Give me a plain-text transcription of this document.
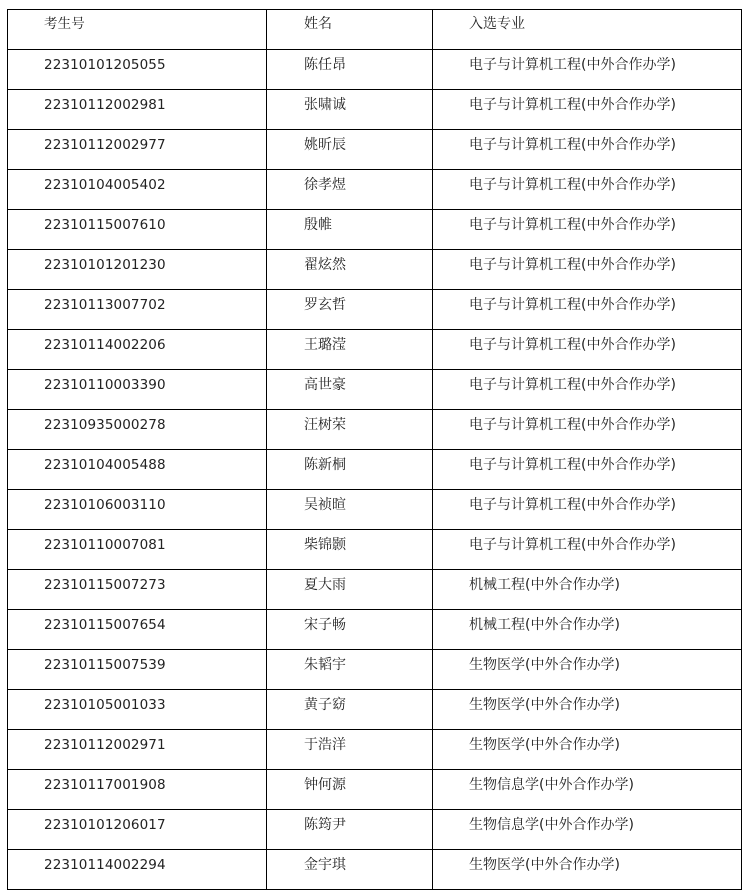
考生号	姓名	入选专业

22310101205055	陈任昂	电子与计算机工程(中外合作办学)

22310112002981	张啸诚	电子与计算机工程(中外合作办学)

22310112002977	姚昕辰	电子与计算机工程(中外合作办学)

22310104005402	徐孝煜	电子与计算机工程(中外合作办学)

22310115007610	殷帷	电子与计算机工程(中外合作办学)

22310101201230	翟炫然	电子与计算机工程(中外合作办学)

22310113007702	罗玄哲	电子与计算机工程(中外合作办学)

22310114002206	王璐滢	电子与计算机工程(中外合作办学)

22310110003390	高世豪	电子与计算机工程(中外合作办学)

22310935000278	汪树荣	电子与计算机工程(中外合作办学)

22310104005488	陈新桐	电子与计算机工程(中外合作办学)

22310106003110	吴祯暄	电子与计算机工程(中外合作办学)

22310110007081	柴锦颢	电子与计算机工程(中外合作办学)

22310115007273	夏大雨	机械工程(中外合作办学)

22310115007654	宋子畅	机械工程(中外合作办学)

22310115007539	朱韬宇	生物医学(中外合作办学)

22310105001033	黄子窈	生物医学(中外合作办学)

22310112002971	于浩洋	生物医学(中外合作办学)

22310117001908	钟何源	生物信息学(中外合作办学)

22310101206017	陈筠尹	生物信息学(中外合作办学)

22310114002294	金宇琪	生物医学(中外合作办学)
